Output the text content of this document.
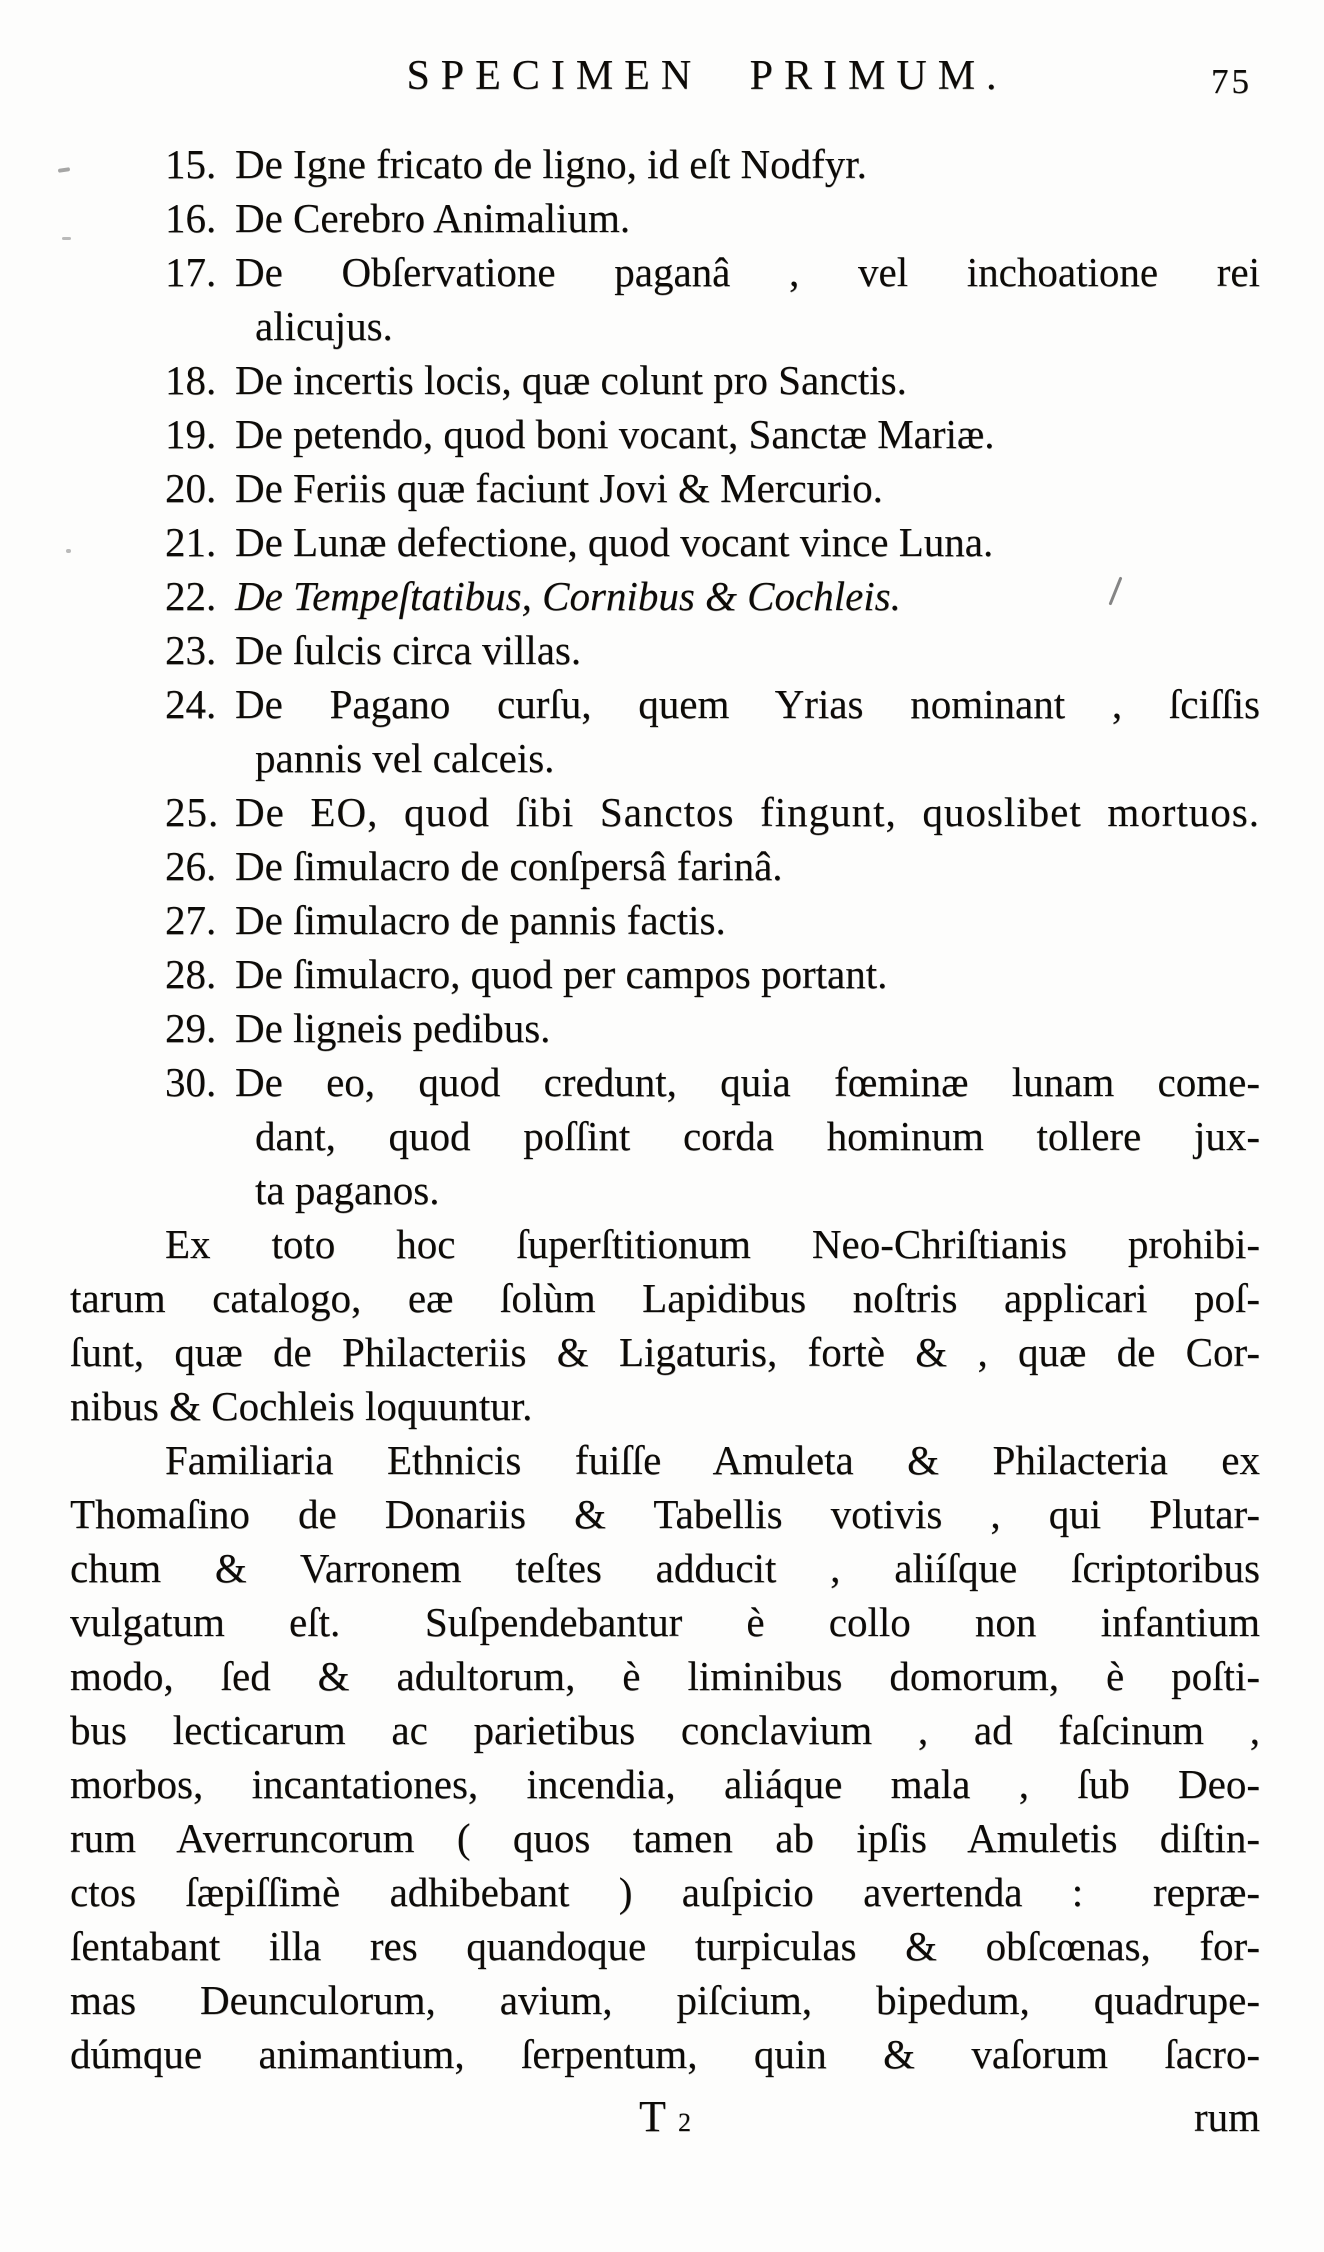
SPECIMEN PRIMUM.	75
15. De Igne fricato de ligno, id eſt Nodfyr.
16. De Cerebro Animalium.
17. De Obſervatione paganâ , vel inchoatione rei
alicujus.
18. De incertis locis, quæ colunt pro Sanctis.
19. De petendo, quod boni vocant, Sanctæ Mariæ.
20. De Feriis quæ faciunt Jovi & Mercurio.
21. De Lunæ defectione, quod vocant vince Luna.
22. De Tempeſtatibus, Cornibus & Cochleis.
23. De ſulcis circa villas.
24. De Pagano curſu, quem Yrias nominant , ſciſſis
pannis vel calceis.
25. De EO, quod ſibi Sanctos fingunt, quoslibet mortuos.
26. De ſimulacro de conſpersâ farinâ.
27. De ſimulacro de pannis factis.
28. De ſimulacro, quod per campos portant.
29. De ligneis pedibus.
30. De eo, quod credunt, quia fœminæ lunam come-
dant, quod poſſint corda hominum tollere jux-
ta paganos.
Ex toto hoc ſuperſtitionum Neo-Chriſtianis prohibi-
tarum catalogo, eæ ſolùm Lapidibus noſtris applicari poſ-
ſunt, quæ de Philacteriis & Ligaturis, fortè & , quæ de Cor-
nibus & Cochleis loquuntur.
Familiaria Ethnicis fuiſſe Amuleta & Philacteria ex
Thomaſino de Donariis & Tabellis votivis , qui Plutar-
chum & Varronem teſtes adducit , aliíſque ſcriptoribus
vulgatum eſt.  Suſpendebantur è collo non infantium
modo, ſed & adultorum, è liminibus domorum, è poſti-
bus lecticarum ac parietibus conclavium , ad faſcinum ,
morbos, incantationes, incendia, aliáque mala , ſub Deo-
rum Averruncorum ( quos tamen ab ipſis Amuletis diſtin-
ctos ſæpiſſimè adhibebant ) auſpicio avertenda :  repræ-
ſentabant illa res quandoque turpiculas & obſcœnas, for-
mas Deunculorum, avium, piſcium, bipedum, quadrupe-
dúmque animantium, ſerpentum, quin & vaſorum ſacro-
T 2	rum
